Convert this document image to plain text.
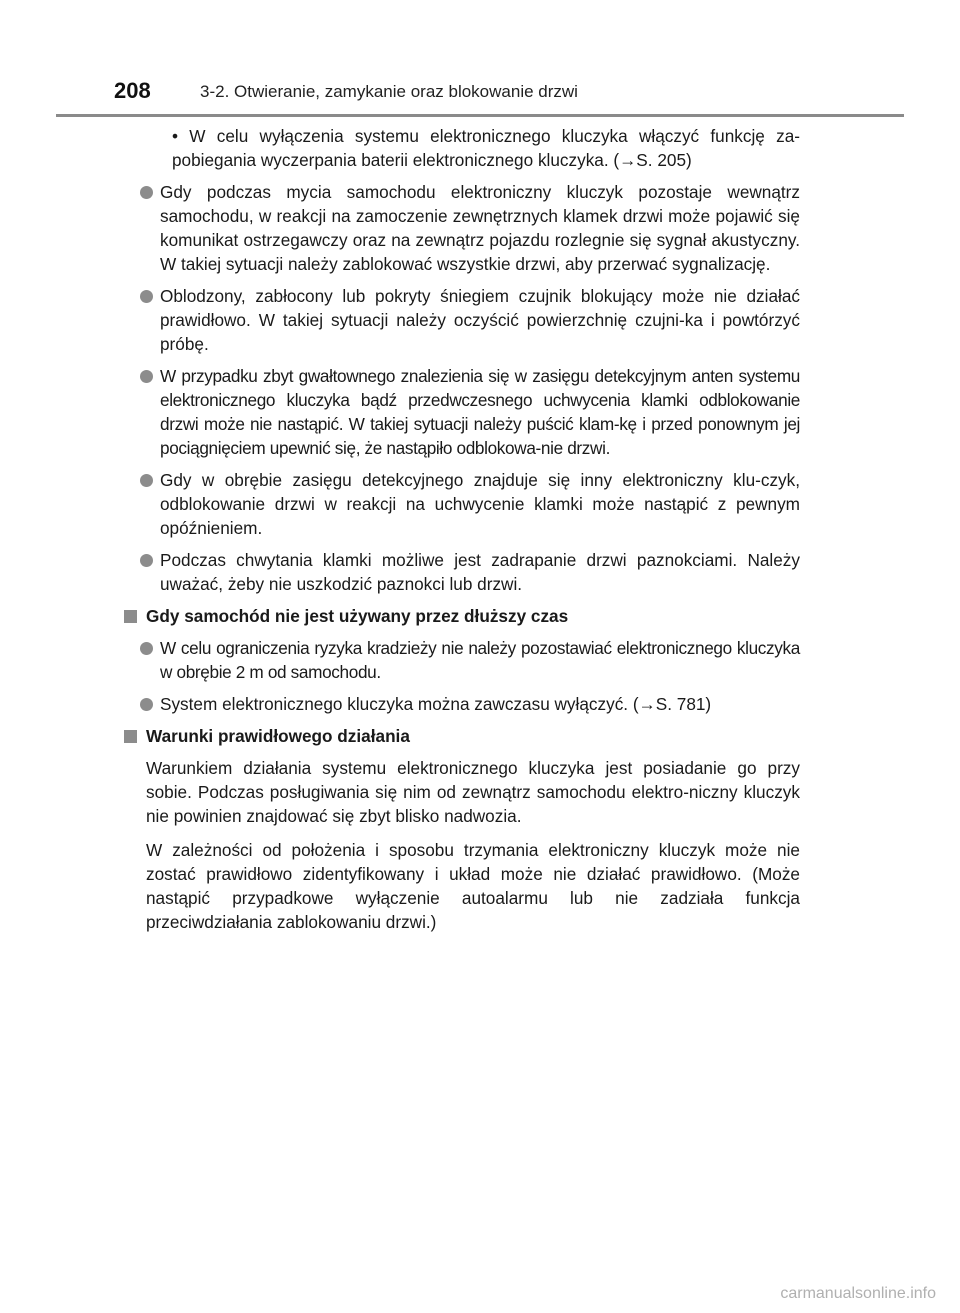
208	3-2. Otwieranie, zamykanie oraz blokowanie drzwi
• W celu wyłączenia systemu elektronicznego kluczyka włączyć funkcję za-pobiegania wyczerpania baterii elektronicznego kluczyka. (→S. 205)
Gdy podczas mycia samochodu elektroniczny kluczyk pozostaje wewnątrz samochodu, w reakcji na zamoczenie zewnętrznych klamek drzwi może pojawić się komunikat ostrzegawczy oraz na zewnątrz pojazdu rozlegnie się sygnał akustyczny. W takiej sytuacji należy zablokować wszystkie drzwi, aby przerwać sygnalizację.
Oblodzony, zabłocony lub pokryty śniegiem czujnik blokujący może nie działać prawidłowo. W takiej sytuacji należy oczyścić powierzchnię czujni-ka i powtórzyć próbę.
W przypadku zbyt gwałtownego znalezienia się w zasięgu detekcyjnym anten systemu elektronicznego kluczyka bądź przedwczesnego uchwycenia klamki odblokowanie drzwi może nie nastąpić. W takiej sytuacji należy puścić klam-kę i przed ponownym jej pociągnięciem upewnić się, że nastąpiło odblokowa-nie drzwi.
Gdy w obrębie zasięgu detekcyjnego znajduje się inny elektroniczny klu-czyk, odblokowanie drzwi w reakcji na uchwycenie klamki może nastąpić z pewnym opóźnieniem.
Podczas chwytania klamki możliwe jest zadrapanie drzwi paznokciami. Należy uważać, żeby nie uszkodzić paznokci lub drzwi.
Gdy samochód nie jest używany przez dłuższy czas
W celu ograniczenia ryzyka kradzieży nie należy pozostawiać elektronicznego kluczyka w obrębie 2 m od samochodu.
System elektronicznego kluczyka można zawczasu wyłączyć. (→S. 781)
Warunki prawidłowego działania
Warunkiem działania systemu elektronicznego kluczyka jest posiadanie go przy sobie. Podczas posługiwania się nim od zewnątrz samochodu elektro-niczny kluczyk nie powinien znajdować się zbyt blisko nadwozia.
W zależności od położenia i sposobu trzymania elektroniczny kluczyk może nie zostać prawidłowo zidentyfikowany i układ może nie działać prawidłowo. (Może nastąpić przypadkowe wyłączenie autoalarmu lub nie zadziała funkcja przeciwdziałania zablokowaniu drzwi.)
carmanualsonline.info
